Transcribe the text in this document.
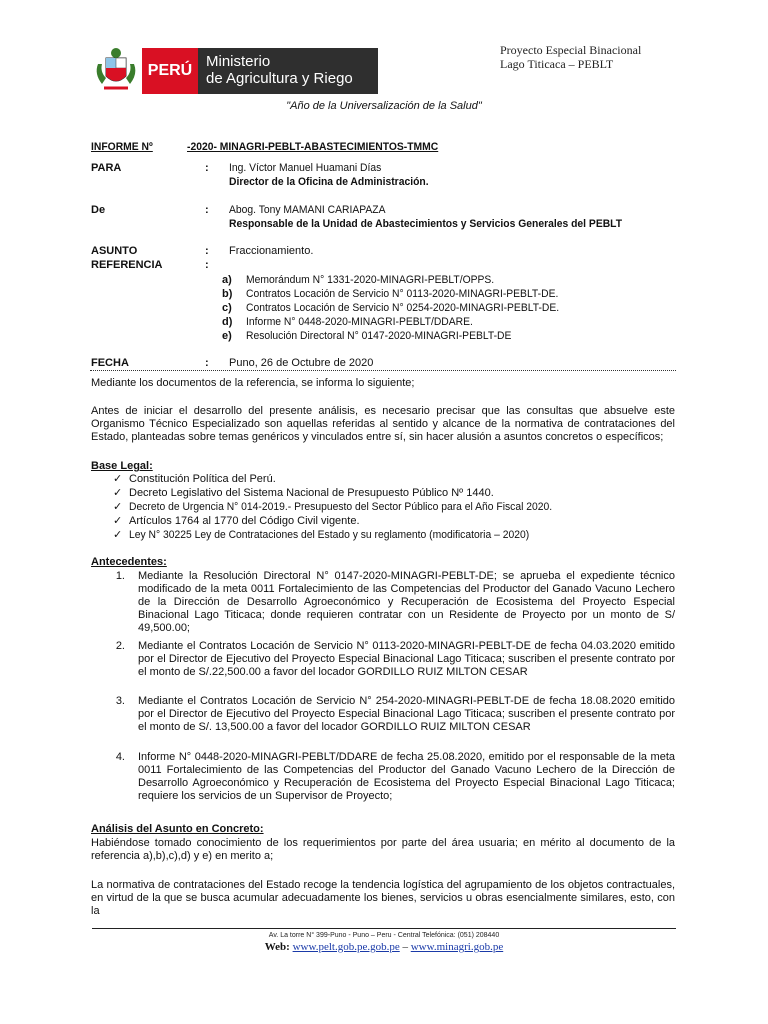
PERÚ
Ministerio
de Agricultura y Riego
Proyecto Especial Binacional
Lago Titicaca – PEBLT
"Año de la Universalización de la Salud"
INFORME Nº	-2020- MINAGRI-PEBLT-ABASTECIMIENTOS-TMMC
PARA	: Ing. Víctor Manuel Huamani Días
Director de la Oficina de Administración.
De	: Abog. Tony MAMANI CARIAPAZA
Responsable de la Unidad de Abastecimientos y Servicios Generales del PEBLT
ASUNTO	: Fraccionamiento.
REFERENCIA	:
a)	Memorándum N° 1331-2020-MINAGRI-PEBLT/OPPS.
b)	Contratos Locación de Servicio N° 0113-2020-MINAGRI-PEBLT-DE.
c)	Contratos Locación de Servicio N° 0254-2020-MINAGRI-PEBLT-DE.
d)	Informe N° 0448-2020-MINAGRI-PEBLT/DDARE.
e)	Resolución Directoral N° 0147-2020-MINAGRI-PEBLT-DE
FECHA	: Puno, 26 de Octubre de 2020
Mediante los documentos de la referencia, se informa lo siguiente;
Antes de iniciar el desarrollo del presente análisis, es necesario precisar que las consultas que absuelve este Organismo Técnico Especializado son aquellas referidas al sentido y alcance de la normativa de contrataciones del Estado, planteadas sobre temas genéricos y vinculados entre sí, sin hacer alusión a asuntos concretos o específicos;
Base Legal:
✓ Constitución Política del Perú.
✓ Decreto Legislativo del Sistema Nacional de Presupuesto Público Nº 1440.
✓ Decreto de Urgencia N° 014-2019.- Presupuesto del Sector Público para el Año Fiscal 2020.
✓ Artículos 1764 al 1770 del Código Civil vigente.
✓ Ley N° 30225 Ley de Contrataciones del Estado y su reglamento (modificatoria – 2020)
Antecedentes:
1. Mediante la Resolución Directoral N° 0147-2020-MINAGRI-PEBLT-DE; se aprueba el expediente técnico modificado de la meta 0011 Fortalecimiento de las Competencias del Productor del Ganado Vacuno Lechero de la Dirección de Desarrollo Agroeconómico y Recuperación de Ecosistema del Proyecto Especial Binacional Lago Titicaca; donde requieren contratar con un Residente de Proyecto por un monto de S/ 49,500.00;
2. Mediante el Contratos Locación de Servicio N° 0113-2020-MINAGRI-PEBLT-DE de fecha 04.03.2020 emitido por el Director de Ejecutivo del Proyecto Especial Binacional Lago Titicaca; suscriben el presente contrato por el monto de S/.22,500.00 a favor del locador GORDILLO RUIZ MILTON CESAR
3. Mediante el Contratos Locación de Servicio N° 254-2020-MINAGRI-PEBLT-DE de fecha 18.08.2020 emitido por el Director de Ejecutivo del Proyecto Especial Binacional Lago Titicaca; suscriben el presente contrato por el monto de S/. 13,500.00 a favor del locador GORDILLO RUIZ MILTON CESAR
4. Informe N° 0448-2020-MINAGRI-PEBLT/DDARE de fecha 25.08.2020, emitido por el responsable de la meta 0011 Fortalecimiento de las Competencias del Productor del Ganado Vacuno Lechero de la Dirección de Desarrollo Agroeconómico y Recuperación de Ecosistema del Proyecto Especial Binacional Lago Titicaca; requiere los servicios de un Supervisor de Proyecto;
Análisis del Asunto en Concreto:
Habiéndose tomado conocimiento de los requerimientos por parte del área usuaria; en mérito al documento de la referencia a),b),c),d) y e) en merito a;
La normativa de contrataciones del Estado recoge la tendencia logística del agrupamiento de los objetos contractuales, en virtud de la que se busca acumular adecuadamente los bienes, servicios u obras esencialmente similares, esto, con la
Av. La torre N° 399-Puno - Puno – Peru - Central Telefónica: (051) 208440
Web: www.pelt.gob.pe.gob.pe – www.minagri.gob.pe
